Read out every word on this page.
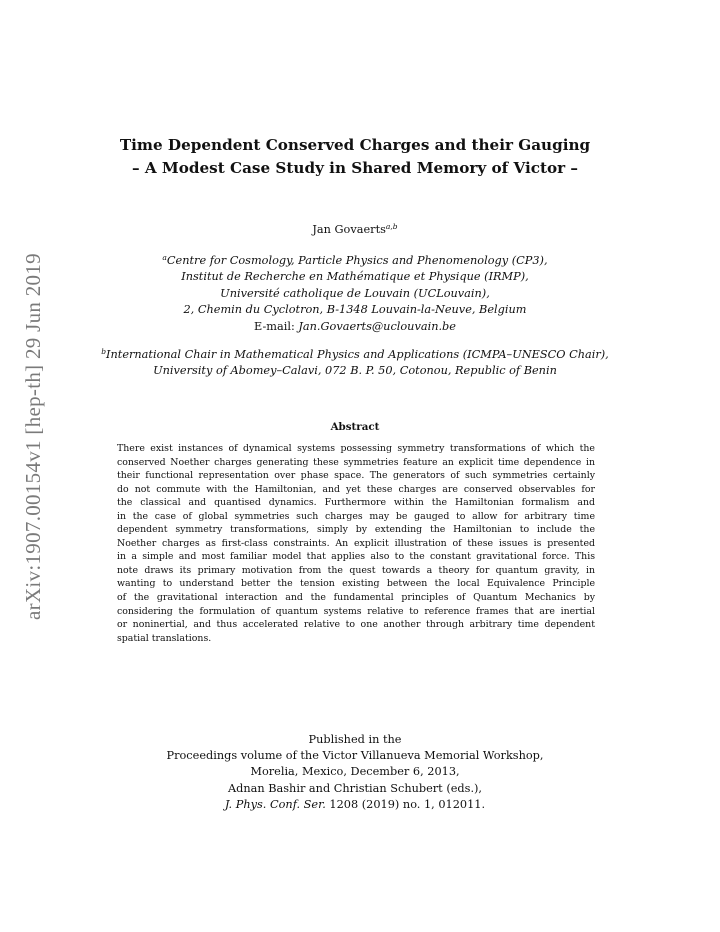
arXiv:1907.00154v1 [hep-th] 29 Jun 2019
Time Dependent Conserved Charges and their Gauging
– A Modest Case Study in Shared Memory of Victor –
Jan Govaerts$^{a,b}$
$^a$Centre for Cosmology, Particle Physics and Phenomenology (CP3),
Institut de Recherche en Mathématique et Physique (IRMP),
Université catholique de Louvain (UCLouvain),
2, Chemin du Cyclotron, B-1348 Louvain-la-Neuve, Belgium
E-mail: Jan.Govaerts@uclouvain.be
$^b$International Chair in Mathematical Physics and Applications (ICMPA–UNESCO Chair),
University of Abomey–Calavi, 072 B. P. 50, Cotonou, Republic of Benin
Abstract
There exist instances of dynamical systems possessing symmetry transformations of which the
conserved Noether charges generating these symmetries feature an explicit time dependence in
their functional representation over phase space. The generators of such symmetries certainly
do not commute with the Hamiltonian, and yet these charges are conserved observables for
the classical and quantised dynamics. Furthermore within the Hamiltonian formalism and
in the case of global symmetries such charges may be gauged to allow for arbitrary time
dependent symmetry transformations, simply by extending the Hamiltonian to include the
Noether charges as first-class constraints. An explicit illustration of these issues is presented
in a simple and most familiar model that applies also to the constant gravitational force. This
note draws its primary motivation from the quest towards a theory for quantum gravity, in
wanting to understand better the tension existing between the local Equivalence Principle
of the gravitational interaction and the fundamental principles of Quantum Mechanics by
considering the formulation of quantum systems relative to reference frames that are inertial
or noninertial, and thus accelerated relative to one another through arbitrary time dependent
spatial translations.
Published in the
Proceedings volume of the Victor Villanueva Memorial Workshop,
Morelia, Mexico, December 6, 2013,
Adnan Bashir and Christian Schubert (eds.),
J. Phys. Conf. Ser. 1208 (2019) no. 1, 012011.
